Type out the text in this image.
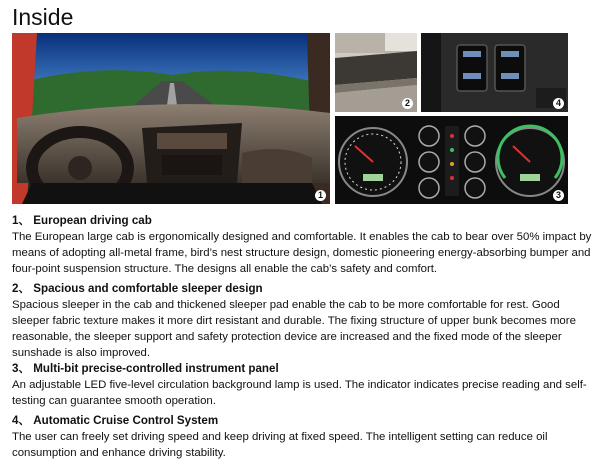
Inside
1
2	4
3
1、 European driving cab

The European large cab is ergonomically designed and comfortable. It enables the cab to bear over 50% impact by means of adopting all-metal frame, bird’s nest structure design, domestic pioneering energy-absorbing bumper and four-point suspension structure. The designs all enable the cab’s safety and comfort.

2、 Spacious and comfortable sleeper design

Spacious sleeper in the cab and thickened sleeper pad enable the cab to be more comfortable for rest. Good sleeper fabric texture makes it more dirt resistant and durable. The fixing structure of upper bunk becomes more reasonable, the sleeper support and safety protection device are increased and the fixed mode of the sleeper sunshade is also improved.

3、 Multi-bit precise-controlled instrument panel

An adjustable LED five-level circulation background lamp is used. The indicator indicates precise reading and self-testing can guarantee smooth operation.

4、 Automatic Cruise Control System

The user can freely set driving speed and keep driving at fixed speed. The intelligent setting can reduce oil consumption and enhance driving stability.
